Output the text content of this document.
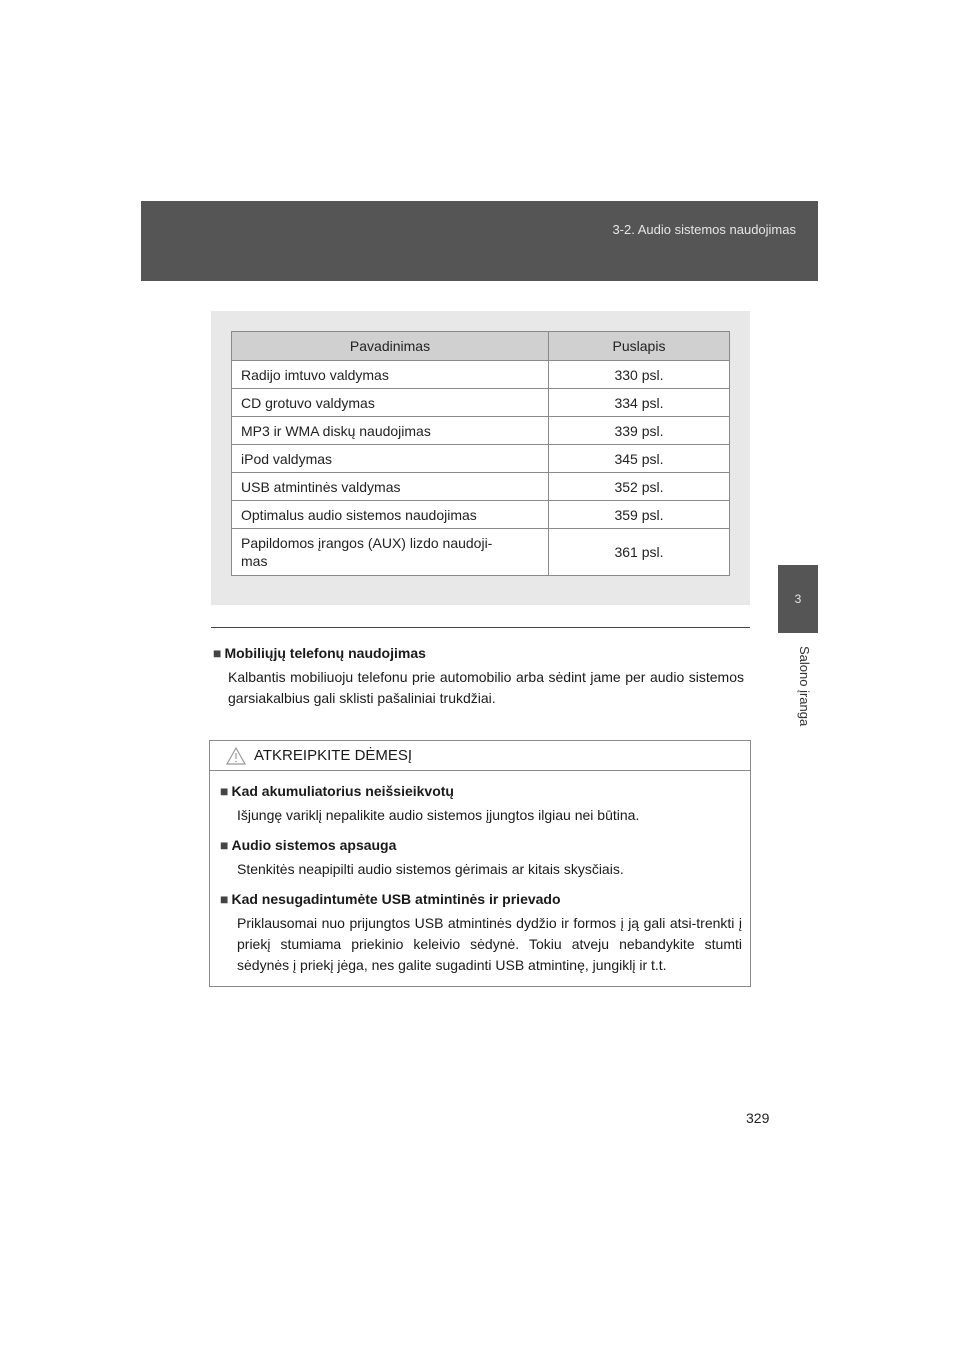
3-2. Audio sistemos naudojimas
3
Salono įranga
Pavadinimas	Puslapis
Radijo imtuvo valdymas	330 psl.
CD grotuvo valdymas	334 psl.
MP3 ir WMA diskų naudojimas	339 psl.
iPod valdymas	345 psl.
USB atmintinės valdymas	352 psl.
Optimalus audio sistemos naudojimas	359 psl.
Papildomos įrangos (AUX) lizdo naudoji-
mas	361 psl.

■ Mobiliųjų telefonų naudojimas

Kalbantis mobiliuoju telefonu prie automobilio arba sėdint jame per audio sistemos garsiakalbius gali sklisti pašaliniai trukdžiai.

ATKREIPKITE DĖMESĮ

■ Kad akumuliatorius neišsieikvotų

Išjungę variklį nepalikite audio sistemos įjungtos ilgiau nei būtina.

■ Audio sistemos apsauga

Stenkitės neapipilti audio sistemos gėrimais ar kitais skysčiais.

■ Kad nesugadintumėte USB atmintinės ir prievado

Priklausomai nuo prijungtos USB atmintinės dydžio ir formos į ją gali atsi-trenkti į priekį stumiama priekinio keleivio sėdynė. Tokiu atveju nebandykite stumti sėdynės į priekį jėga, nes galite sugadinti USB atmintinę, jungiklį ir t.t.

329
